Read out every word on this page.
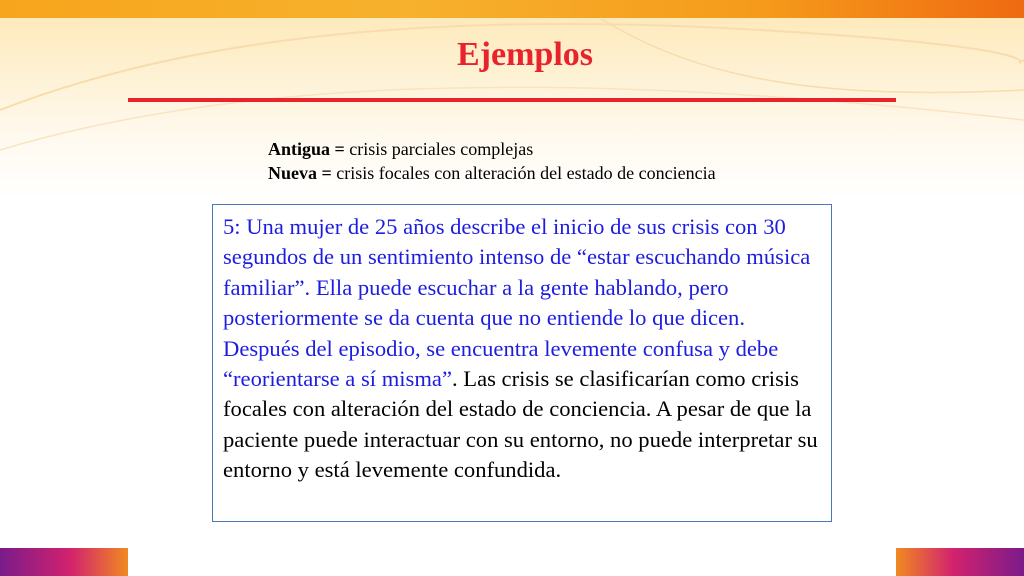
Ejemplos
Antigua = crisis parciales complejas
Nueva = crisis focales con alteración del estado de conciencia
5: Una mujer de 25 años describe el inicio de sus crisis con 30 segundos de un sentimiento intenso de “estar escuchando música familiar”. Ella puede escuchar a la gente hablando, pero posteriormente se da cuenta que no entiende lo que dicen. Después del episodio, se encuentra levemente confusa y debe “reorientarse a sí misma”. Las crisis se clasificarían como crisis focales con alteración del estado de conciencia. A pesar de que la paciente puede interactuar con su entorno, no puede interpretar su entorno y está levemente confundida.
